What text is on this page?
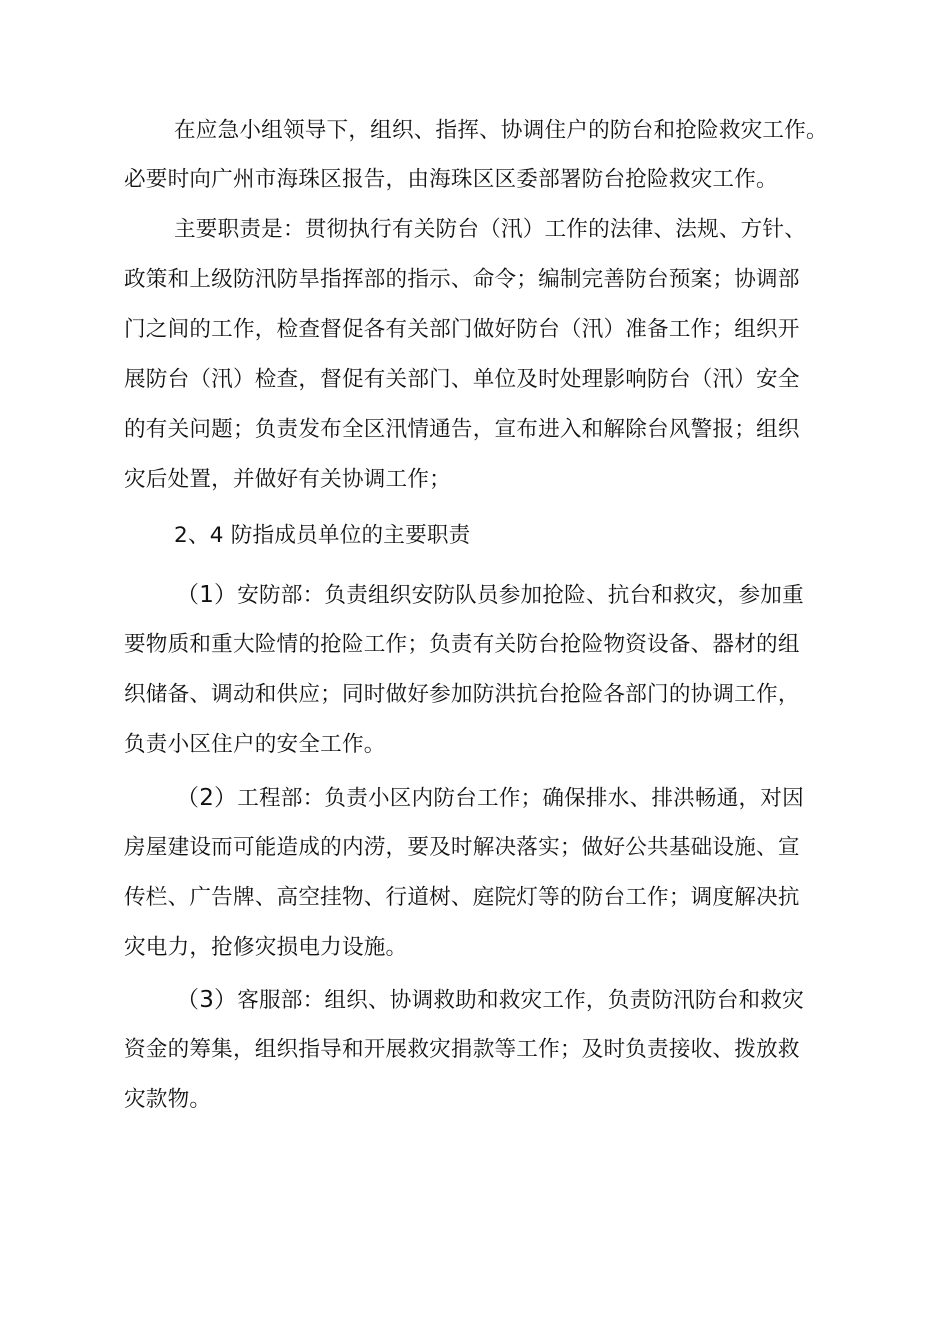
在应急小组领导下，组织、指挥、协调住户的防台和抢险救灾工作。
必要时向广州市海珠区报告，由海珠区区委部署防台抢险救灾工作。
主要职责是：贯彻执行有关防台（汛）工作的法律、法规、方针、
政策和上级防汛防旱指挥部的指示、命令；编制完善防台预案；协调部
门之间的工作，检查督促各有关部门做好防台（汛）准备工作；组织开
展防台（汛）检查，督促有关部门、单位及时处理影响防台（汛）安全
的有关问题；负责发布全区汛情通告，宣布进入和解除台风警报；组织
灾后处置，并做好有关协调工作；
2、4 防指成员单位的主要职责
（1）安防部：负责组织安防队员参加抢险、抗台和救灾，参加重
要物质和重大险情的抢险工作；负责有关防台抢险物资设备、器材的组
织储备、调动和供应；同时做好参加防洪抗台抢险各部门的协调工作，
负责小区住户的安全工作。
（2）工程部：负责小区内防台工作；确保排水、排洪畅通，对因
房屋建设而可能造成的内涝，要及时解决落实；做好公共基础设施、宣
传栏、广告牌、高空挂物、行道树、庭院灯等的防台工作；调度解决抗
灾电力，抢修灾损电力设施。
（3）客服部：组织、协调救助和救灾工作，负责防汛防台和救灾
资金的筹集，组织指导和开展救灾捐款等工作；及时负责接收、拨放救
灾款物。
